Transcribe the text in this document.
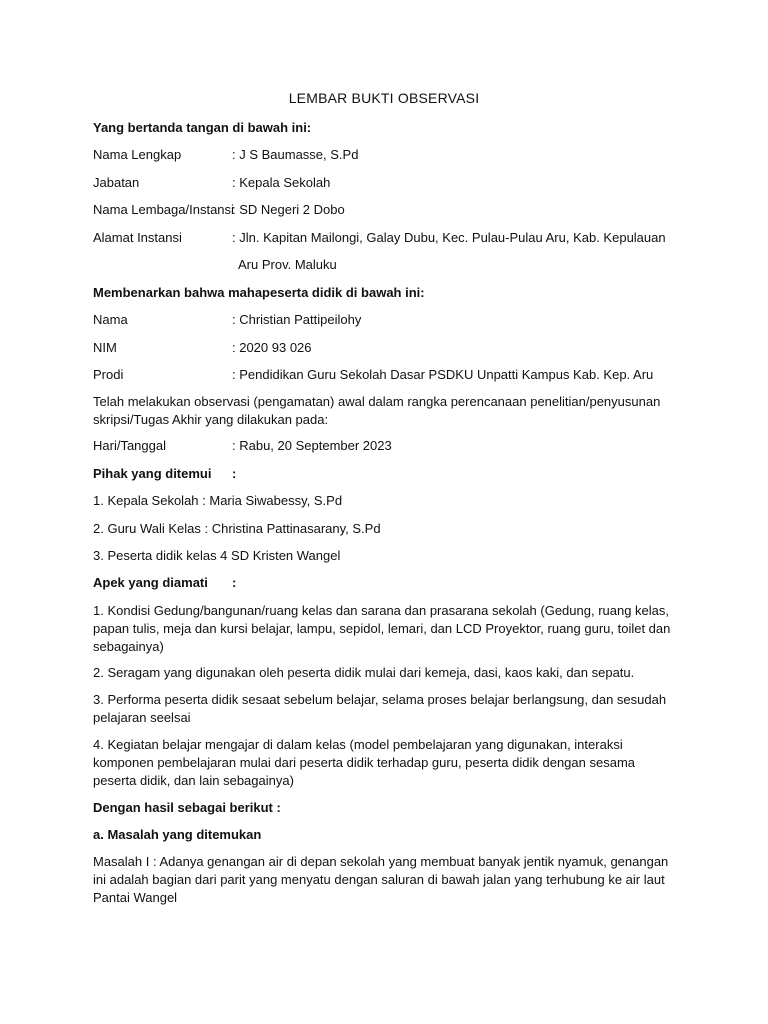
LEMBAR BUKTI OBSERVASI
Yang bertanda tangan di bawah ini:
Nama Lengkap	: J S Baumasse, S.Pd
Jabatan	: Kepala Sekolah
Nama Lembaga/Instansi: SD Negeri 2 Dobo
Alamat Instansi	: Jln. Kapitan Mailongi, Galay Dubu, Kec. Pulau-Pulau Aru, Kab. Kepulauan
Aru Prov. Maluku
Membenarkan bahwa mahapeserta didik di bawah ini:
Nama	: Christian Pattipeilohy
NIM	: 2020 93 026
Prodi	: Pendidikan Guru Sekolah Dasar PSDKU Unpatti Kampus Kab. Kep. Aru
Telah melakukan observasi (pengamatan) awal dalam rangka perencanaan penelitian/penyusunan skripsi/Tugas Akhir yang dilakukan pada:
Hari/Tanggal	: Rabu, 20 September 2023
Pihak yang ditemui :
1. Kepala Sekolah : Maria Siwabessy, S.Pd
2. Guru Wali Kelas : Christina Pattinasarany, S.Pd
3. Peserta didik kelas 4 SD Kristen Wangel
Apek yang diamati :
1. Kondisi Gedung/bangunan/ruang kelas dan sarana dan prasarana sekolah (Gedung, ruang kelas, papan tulis, meja dan kursi belajar, lampu, sepidol, lemari, dan LCD Proyektor, ruang guru, toilet dan sebagainya)
2. Seragam yang digunakan oleh peserta didik mulai dari kemeja, dasi, kaos kaki, dan sepatu.
3. Performa peserta didik sesaat sebelum belajar, selama proses belajar berlangsung, dan sesudah pelajaran seelsai
4. Kegiatan belajar mengajar di dalam kelas (model pembelajaran yang digunakan, interaksi komponen pembelajaran mulai dari peserta didik terhadap guru, peserta didik dengan sesama peserta didik, dan lain sebagainya)
Dengan hasil sebagai berikut :
a. Masalah yang ditemukan
Masalah I : Adanya genangan air di depan sekolah yang membuat banyak jentik nyamuk, genangan ini adalah bagian dari parit yang menyatu dengan saluran di bawah jalan yang terhubung ke air laut Pantai Wangel
